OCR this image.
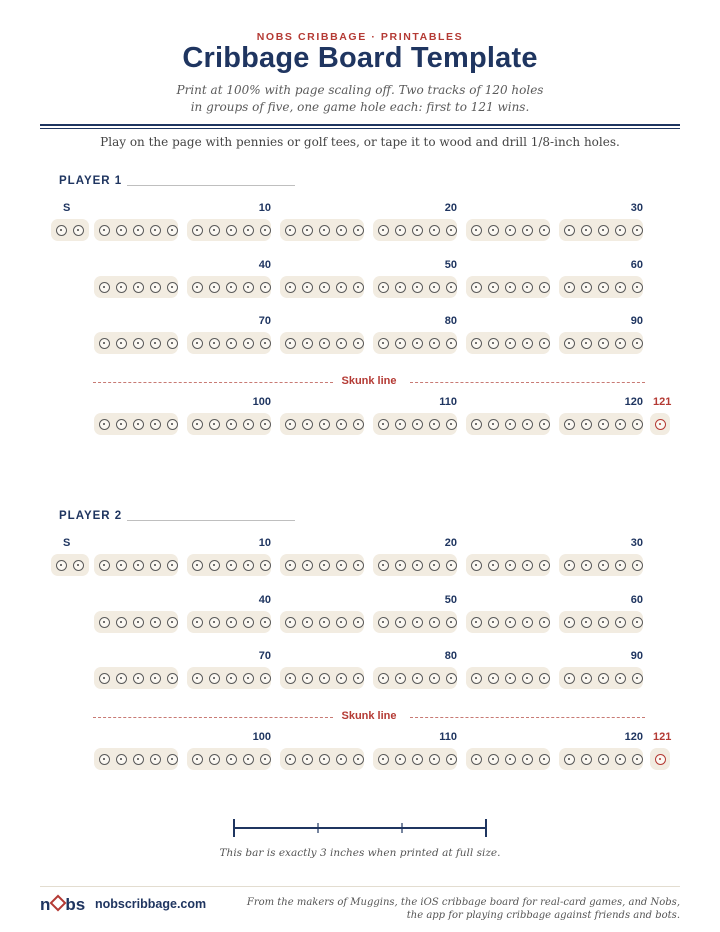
NOBS CRIBBAGE · PRINTABLES
Cribbage Board Template
Print at 100% with page scaling off. Two tracks of 120 holes
in groups of five, one game hole each: first to 121 wins.
Play on the page with pennies or golf tees, or tape it to wood and drill 1/8-inch holes.
PLAYER 1
S	10	20	30
40	50	60
70	80	90
100	110	120
Skunk line
121
PLAYER 2
S	10	20	30
40	50	60
70	80	90
100	110	120
Skunk line
121
This bar is exactly 3 inches when printed at full size.
n bs nobscribbage.com	From the makers of Muggins, the iOS cribbage board for real-card games, and Nobs,
the app for playing cribbage against friends and bots.
